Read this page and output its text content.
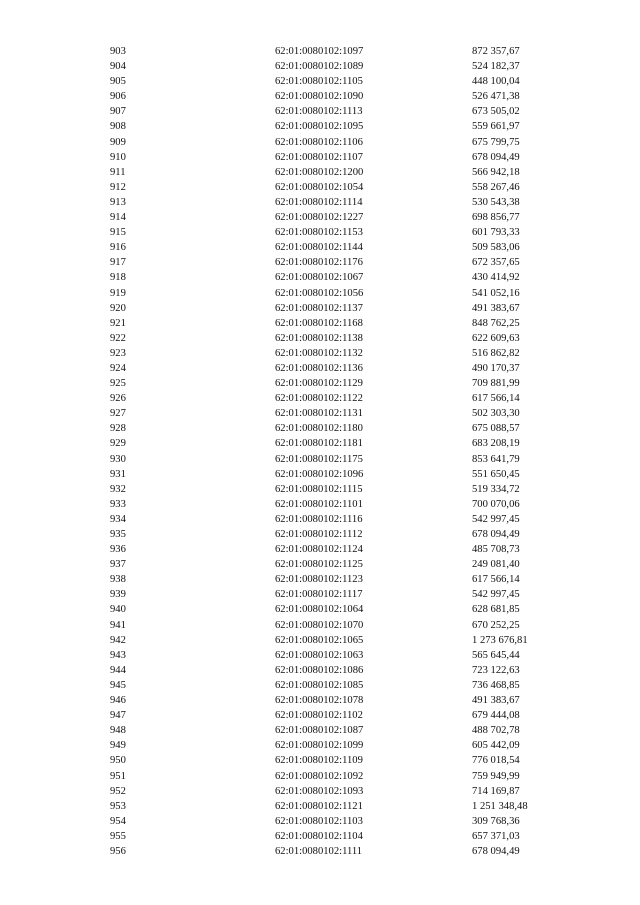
903	62:01:0080102:1097	872 357,67
904	62:01:0080102:1089	524 182,37
905	62:01:0080102:1105	448 100,04
906	62:01:0080102:1090	526 471,38
907	62:01:0080102:1113	673 505,02
908	62:01:0080102:1095	559 661,97
909	62:01:0080102:1106	675 799,75
910	62:01:0080102:1107	678 094,49
911	62:01:0080102:1200	566 942,18
912	62:01:0080102:1054	558 267,46
913	62:01:0080102:1114	530 543,38
914	62:01:0080102:1227	698 856,77
915	62:01:0080102:1153	601 793,33
916	62:01:0080102:1144	509 583,06
917	62:01:0080102:1176	672 357,65
918	62:01:0080102:1067	430 414,92
919	62:01:0080102:1056	541 052,16
920	62:01:0080102:1137	491 383,67
921	62:01:0080102:1168	848 762,25
922	62:01:0080102:1138	622 609,63
923	62:01:0080102:1132	516 862,82
924	62:01:0080102:1136	490 170,37
925	62:01:0080102:1129	709 881,99
926	62:01:0080102:1122	617 566,14
927	62:01:0080102:1131	502 303,30
928	62:01:0080102:1180	675 088,57
929	62:01:0080102:1181	683 208,19
930	62:01:0080102:1175	853 641,79
931	62:01:0080102:1096	551 650,45
932	62:01:0080102:1115	519 334,72
933	62:01:0080102:1101	700 070,06
934	62:01:0080102:1116	542 997,45
935	62:01:0080102:1112	678 094,49
936	62:01:0080102:1124	485 708,73
937	62:01:0080102:1125	249 081,40
938	62:01:0080102:1123	617 566,14
939	62:01:0080102:1117	542 997,45
940	62:01:0080102:1064	628 681,85
941	62:01:0080102:1070	670 252,25
942	62:01:0080102:1065	1 273 676,81
943	62:01:0080102:1063	565 645,44
944	62:01:0080102:1086	723 122,63
945	62:01:0080102:1085	736 468,85
946	62:01:0080102:1078	491 383,67
947	62:01:0080102:1102	679 444,08
948	62:01:0080102:1087	488 702,78
949	62:01:0080102:1099	605 442,09
950	62:01:0080102:1109	776 018,54
951	62:01:0080102:1092	759 949,99
952	62:01:0080102:1093	714 169,87
953	62:01:0080102:1121	1 251 348,48
954	62:01:0080102:1103	309 768,36
955	62:01:0080102:1104	657 371,03
956	62:01:0080102:1111	678 094,49
